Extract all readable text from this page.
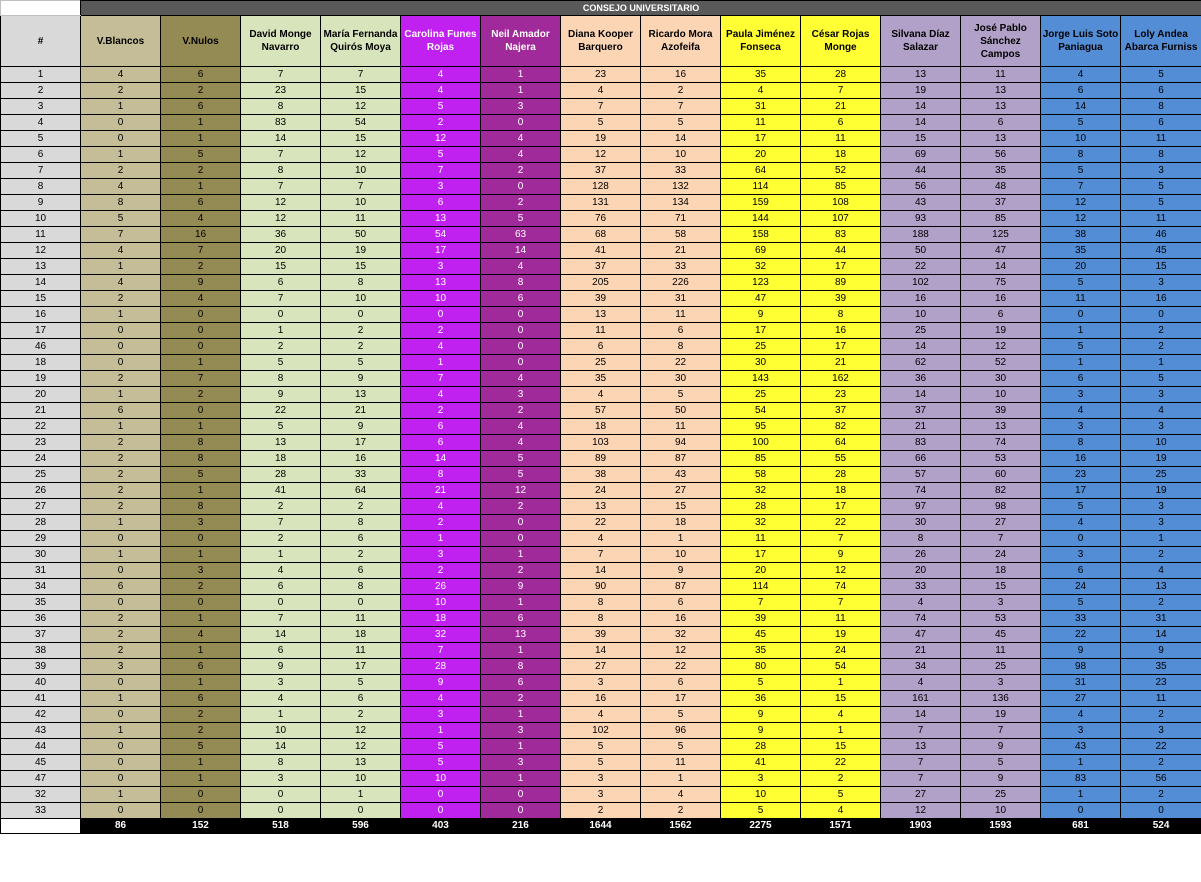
	CONSEJO UNIVERSITARIO													
#	V.Blancos	V.Nulos	David Monge Navarro	María Fernanda Quirós Moya	Carolina Funes Rojas	Neil Amador Najera	Diana Kooper Barquero	Ricardo Mora Azofeifa	Paula Jiménez Fonseca	César Rojas Monge	Silvana Díaz Salazar	José Pablo Sánchez Campos	Jorge Luis Soto Paniagua	Loly Andea Abarca Furniss
1	4	6	7	7	4	1	23	16	35	28	13	11	4	5
2	2	2	23	15	4	1	4	2	4	7	19	13	6	6
3	1	6	8	12	5	3	7	7	31	21	14	13	14	8
4	0	1	83	54	2	0	5	5	11	6	14	6	5	6
5	0	1	14	15	12	4	19	14	17	11	15	13	10	11
6	1	5	7	12	5	4	12	10	20	18	69	56	8	8
7	2	2	8	10	7	2	37	33	64	52	44	35	5	3
8	4	1	7	7	3	0	128	132	114	85	56	48	7	5
9	8	6	12	10	6	2	131	134	159	108	43	37	12	5
10	5	4	12	11	13	5	76	71	144	107	93	85	12	11
11	7	16	36	50	54	63	68	58	158	83	188	125	38	46
12	4	7	20	19	17	14	41	21	69	44	50	47	35	45
13	1	2	15	15	3	4	37	33	32	17	22	14	20	15
14	4	9	6	8	13	8	205	226	123	89	102	75	5	3
15	2	4	7	10	10	6	39	31	47	39	16	16	11	16
16	1	0	0	0	0	0	13	11	9	8	10	6	0	0
17	0	0	1	2	2	0	11	6	17	16	25	19	1	2
46	0	0	2	2	4	0	6	8	25	17	14	12	5	2
18	0	1	5	5	1	0	25	22	30	21	62	52	1	1
19	2	7	8	9	7	4	35	30	143	162	36	30	6	5
20	1	2	9	13	4	3	4	5	25	23	14	10	3	3
21	6	0	22	21	2	2	57	50	54	37	37	39	4	4
22	1	1	5	9	6	4	18	11	95	82	21	13	3	3
23	2	8	13	17	6	4	103	94	100	64	83	74	8	10
24	2	8	18	16	14	5	89	87	85	55	66	53	16	19
25	2	5	28	33	8	5	38	43	58	28	57	60	23	25
26	2	1	41	64	21	12	24	27	32	18	74	82	17	19
27	2	8	2	2	4	2	13	15	28	17	97	98	5	3
28	1	3	7	8	2	0	22	18	32	22	30	27	4	3
29	0	0	2	6	1	0	4	1	11	7	8	7	0	1
30	1	1	1	2	3	1	7	10	17	9	26	24	3	2
31	0	3	4	6	2	2	14	9	20	12	20	18	6	4
34	6	2	6	8	26	9	90	87	114	74	33	15	24	13
35	0	0	0	0	10	1	8	6	7	7	4	3	5	2
36	2	1	7	11	18	6	8	16	39	11	74	53	33	31
37	2	4	14	18	32	13	39	32	45	19	47	45	22	14
38	2	1	6	11	7	1	14	12	35	24	21	11	9	9
39	3	6	9	17	28	8	27	22	80	54	34	25	98	35
40	0	1	3	5	9	6	3	6	5	1	4	3	31	23
41	1	6	4	6	4	2	16	17	36	15	161	136	27	11
42	0	2	1	2	3	1	4	5	9	4	14	19	4	2
43	1	2	10	12	1	3	102	96	9	1	7	7	3	3
44	0	5	14	12	5	1	5	5	28	15	13	9	43	22
45	0	1	8	13	5	3	5	11	41	22	7	5	1	2
47	0	1	3	10	10	1	3	1	3	2	7	9	83	56
32	1	0	0	1	0	0	3	4	10	5	27	25	1	2
33	0	0	0	0	0	0	2	2	5	4	12	10	0	0
	86	152	518	596	403	216	1644	1562	2275	1571	1903	1593	681	524
